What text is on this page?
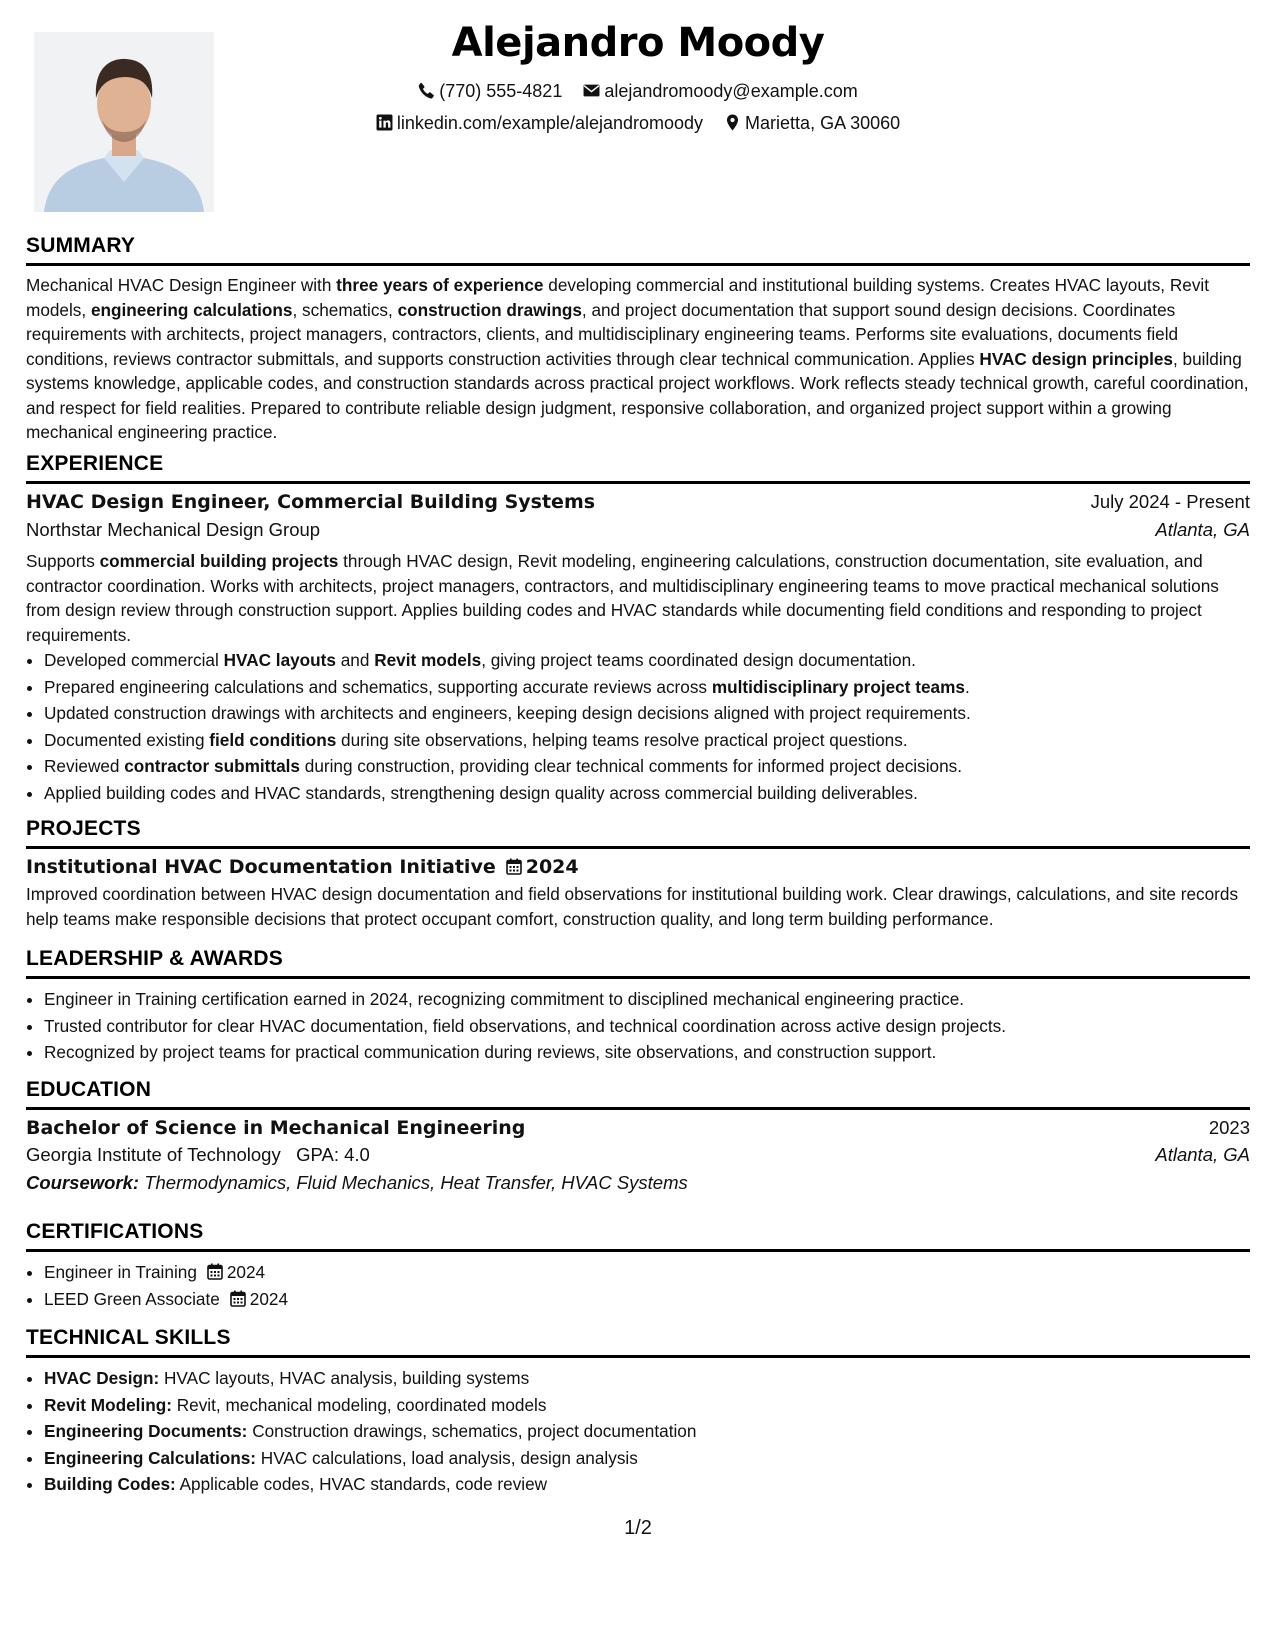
Alejandro Moody
(770) 555-4821 alejandromoody@example.com
linkedin.com/example/alejandromoody Marietta, GA 30060
SUMMARY

Mechanical HVAC Design Engineer with three years of experience developing commercial and institutional building systems. Creates HVAC layouts, Revit models, engineering calculations, schematics, construction drawings, and project documentation that support sound design decisions. Coordinates requirements with architects, project managers, contractors, clients, and multidisciplinary engineering teams. Performs site evaluations, documents field conditions, reviews contractor submittals, and supports construction activities through clear technical communication. Applies HVAC design principles, building systems knowledge, applicable codes, and construction standards across practical project workflows. Work reflects steady technical growth, careful coordination, and respect for field realities. Prepared to contribute reliable design judgment, responsive collaboration, and organized project support within a growing mechanical engineering practice.

EXPERIENCE
HVAC Design Engineer, Commercial Building Systems	July 2024 - Present
Northstar Mechanical Design Group	Atlanta, GA

Supports commercial building projects through HVAC design, Revit modeling, engineering calculations, construction documentation, site evaluation, and contractor coordination. Works with architects, project managers, contractors, and multidisciplinary engineering teams to move practical mechanical solutions from design review through construction support. Applies building codes and HVAC standards while documenting field conditions and responding to project requirements.

• Developed commercial HVAC layouts and Revit models, giving project teams coordinated design documentation.
• Prepared engineering calculations and schematics, supporting accurate reviews across multidisciplinary project teams.
• Updated construction drawings with architects and engineers, keeping design decisions aligned with project requirements.
• Documented existing field conditions during site observations, helping teams resolve practical project questions.
• Reviewed contractor submittals during construction, providing clear technical comments for informed project decisions.
• Applied building codes and HVAC standards, strengthening design quality across commercial building deliverables.
PROJECTS
Institutional HVAC Documentation Initiative 2024

Improved coordination between HVAC design documentation and field observations for institutional building work. Clear drawings, calculations, and site records help teams make responsible decisions that protect occupant comfort, construction quality, and long term building performance.

LEADERSHIP & AWARDS
• Engineer in Training certification earned in 2024, recognizing commitment to disciplined mechanical engineering practice.
• Trusted contributor for clear HVAC documentation, field observations, and technical coordination across active design projects.
• Recognized by project teams for practical communication during reviews, site observations, and construction support.
EDUCATION
Bachelor of Science in Mechanical Engineering	2023
Georgia Institute of Technology GPA: 4.0	Atlanta, GA
Coursework: Thermodynamics, Fluid Mechanics, Heat Transfer, HVAC Systems
CERTIFICATIONS
• Engineer in Training 2024
• LEED Green Associate 2024
TECHNICAL SKILLS
• HVAC Design: HVAC layouts, HVAC analysis, building systems
• Revit Modeling: Revit, mechanical modeling, coordinated models
• Engineering Documents: Construction drawings, schematics, project documentation
• Engineering Calculations: HVAC calculations, load analysis, design analysis
• Building Codes: Applicable codes, HVAC standards, code review
1/2
